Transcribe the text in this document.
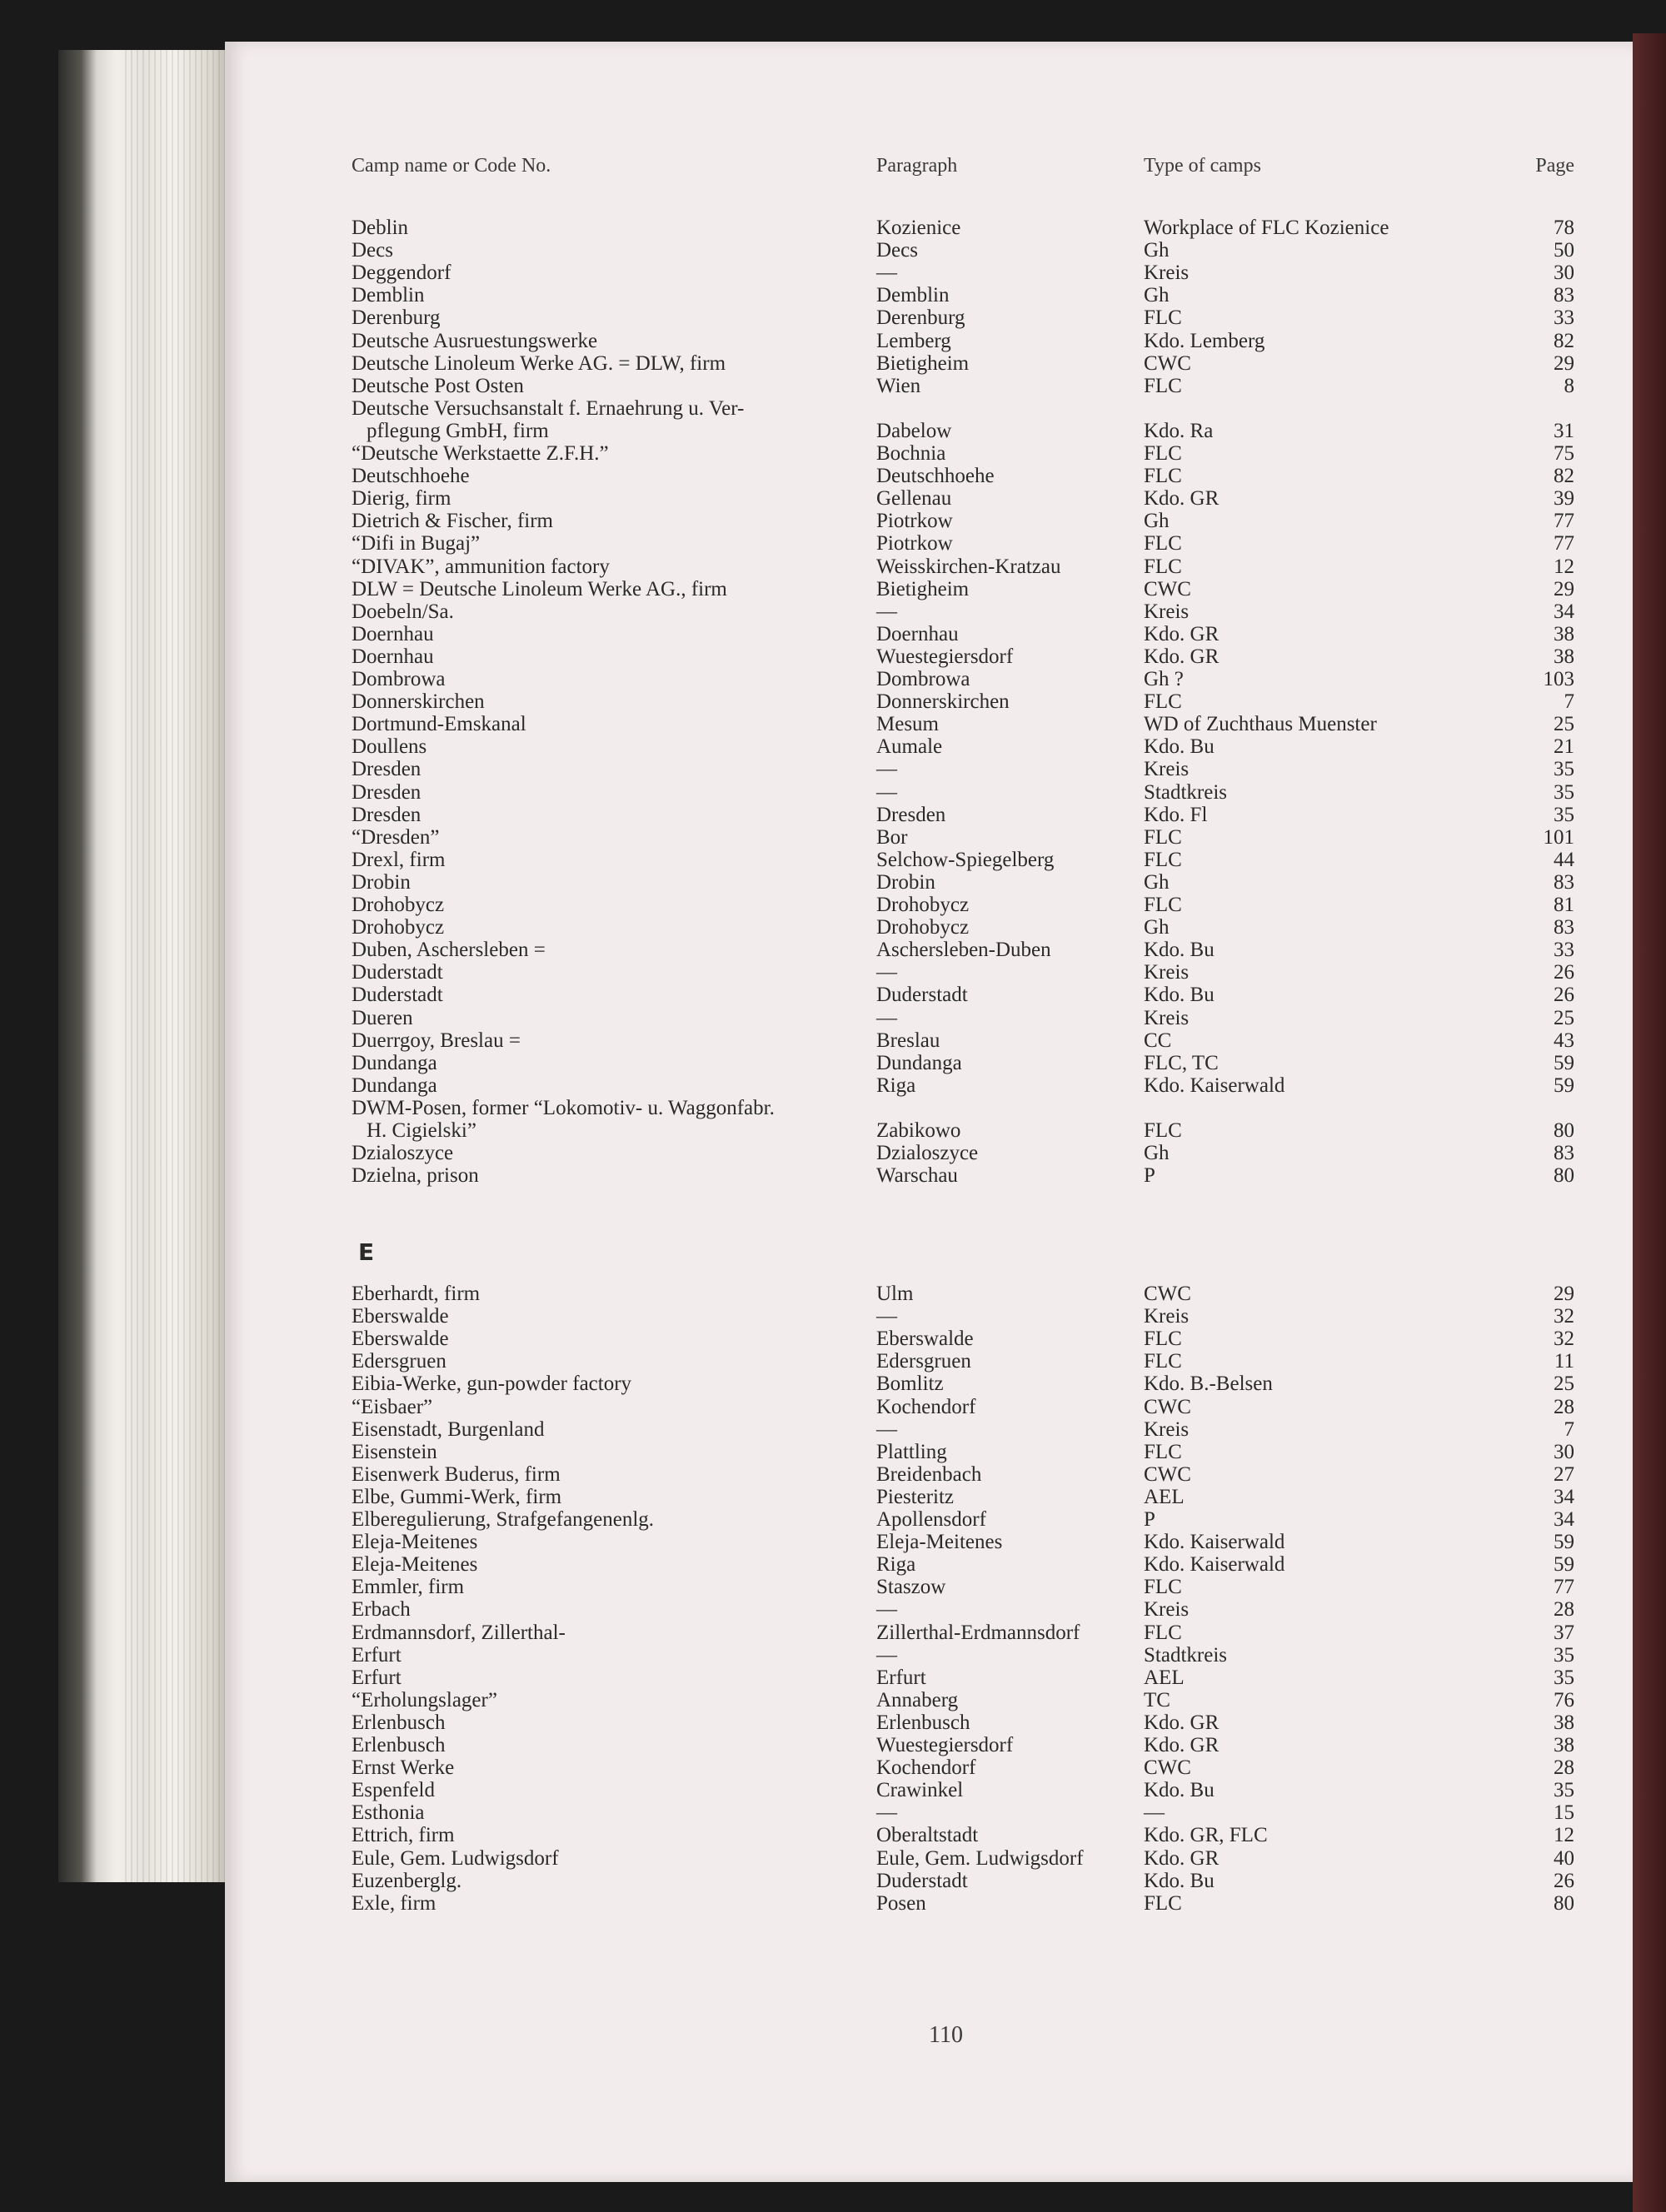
Camp name or Code No.	Paragraph	Type of camps	Page
Deblin	Kozienice	Workplace of FLC Kozienice	78
Decs	Decs	Gh	50
Deggendorf	—	Kreis	30
Demblin	Demblin	Gh	83
Derenburg	Derenburg	FLC	33
Deutsche Ausruestungswerke	Lemberg	Kdo. Lemberg	82
Deutsche Linoleum Werke AG. = DLW, firm	Bietigheim	CWC	29
Deutsche Post Osten	Wien	FLC	8
Deutsche Versuchsanstalt f. Ernaehrung u. Ver-
pflegung GmbH, firm	Dabelow	Kdo. Ra	31
“Deutsche Werkstaette Z.F.H.”	Bochnia	FLC	75
Deutschhoehe	Deutschhoehe	FLC	82
Dierig, firm	Gellenau	Kdo. GR	39
Dietrich & Fischer, firm	Piotrkow	Gh	77
“Difi in Bugaj”	Piotrkow	FLC	77
“DIVAK”, ammunition factory	Weisskirchen-Kratzau	FLC	12
DLW = Deutsche Linoleum Werke AG., firm	Bietigheim	CWC	29
Doebeln/Sa.	—	Kreis	34
Doernhau	Doernhau	Kdo. GR	38
Doernhau	Wuestegiersdorf	Kdo. GR	38
Dombrowa	Dombrowa	Gh ?	103
Donnerskirchen	Donnerskirchen	FLC	7
Dortmund-Emskanal	Mesum	WD of Zuchthaus Muenster	25
Doullens	Aumale	Kdo. Bu	21
Dresden	—	Kreis	35
Dresden	—	Stadtkreis	35
Dresden	Dresden	Kdo. Fl	35
“Dresden”	Bor	FLC	101
Drexl, firm	Selchow-Spiegelberg	FLC	44
Drobin	Drobin	Gh	83
Drohobycz	Drohobycz	FLC	81
Drohobycz	Drohobycz	Gh	83
Duben, Aschersleben =	Aschersleben-Duben	Kdo. Bu	33
Duderstadt	—	Kreis	26
Duderstadt	Duderstadt	Kdo. Bu	26
Dueren	—	Kreis	25
Duerrgoy, Breslau =	Breslau	CC	43
Dundanga	Dundanga	FLC, TC	59
Dundanga	Riga	Kdo. Kaiserwald	59
DWM-Posen, former “Lokomotiv- u. Waggonfabr.
H. Cigielski”	Zabikowo	FLC	80
Dzialoszyce	Dzialoszyce	Gh	83
Dzielna, prison	Warschau	P	80
E
Eberhardt, firm	Ulm	CWC	29
Eberswalde	—	Kreis	32
Eberswalde	Eberswalde	FLC	32
Edersgruen	Edersgruen	FLC	11
Eibia-Werke, gun-powder factory	Bomlitz	Kdo. B.-Belsen	25
“Eisbaer”	Kochendorf	CWC	28
Eisenstadt, Burgenland	—	Kreis	7
Eisenstein	Plattling	FLC	30
Eisenwerk Buderus, firm	Breidenbach	CWC	27
Elbe, Gummi-Werk, firm	Piesteritz	AEL	34
Elberegulierung, Strafgefangenenlg.	Apollensdorf	P	34
Eleja-Meitenes	Eleja-Meitenes	Kdo. Kaiserwald	59
Eleja-Meitenes	Riga	Kdo. Kaiserwald	59
Emmler, firm	Staszow	FLC	77
Erbach	—	Kreis	28
Erdmannsdorf, Zillerthal-	Zillerthal-Erdmannsdorf	FLC	37
Erfurt	—	Stadtkreis	35
Erfurt	Erfurt	AEL	35
“Erholungslager”	Annaberg	TC	76
Erlenbusch	Erlenbusch	Kdo. GR	38
Erlenbusch	Wuestegiersdorf	Kdo. GR	38
Ernst Werke	Kochendorf	CWC	28
Espenfeld	Crawinkel	Kdo. Bu	35
Esthonia	—	—	15
Ettrich, firm	Oberaltstadt	Kdo. GR, FLC	12
Eule, Gem. Ludwigsdorf	Eule, Gem. Ludwigsdorf	Kdo. GR	40
Euzenberglg.	Duderstadt	Kdo. Bu	26
Exle, firm	Posen	FLC	80
110
